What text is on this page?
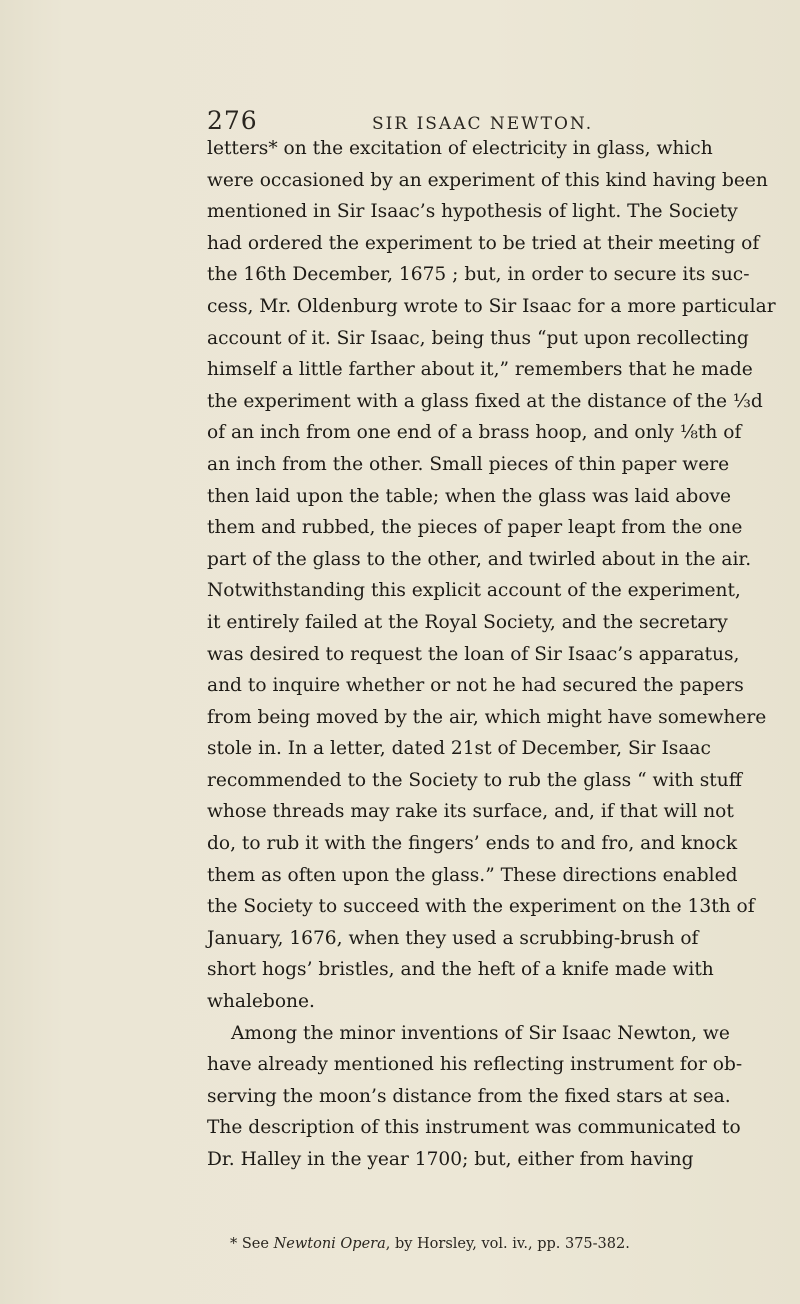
276	SIR ISAAC NEWTON.
letters* on the excitation of electricity in glass, which
were occasioned by an experiment of this kind having been
mentioned in Sir Isaac’s hypothesis of light. The Society
had ordered the experiment to be tried at their meeting of
the 16th December, 1675 ; but, in order to secure its suc-
cess, Mr. Oldenburg wrote to Sir Isaac for a more particular
account of it. Sir Isaac, being thus “put upon recollecting
himself a little farther about it,” remembers that he made
the experiment with a glass fixed at the distance of the ⅓d
of an inch from one end of a brass hoop, and only ⅛th of
an inch from the other. Small pieces of thin paper were
then laid upon the table; when the glass was laid above
them and rubbed, the pieces of paper leapt from the one
part of the glass to the other, and twirled about in the air.
Notwithstanding this explicit account of the experiment,
it entirely failed at the Royal Society, and the secretary
was desired to request the loan of Sir Isaac’s apparatus,
and to inquire whether or not he had secured the papers
from being moved by the air, which might have somewhere
stole in. In a letter, dated 21st of December, Sir Isaac
recommended to the Society to rub the glass “ with stuff
whose threads may rake its surface, and, if that will not
do, to rub it with the fingers’ ends to and fro, and knock
them as often upon the glass.” These directions enabled
the Society to succeed with the experiment on the 13th of
January, 1676, when they used a scrubbing-brush of
short hogs’ bristles, and the heft of a knife made with
whalebone.
Among the minor inventions of Sir Isaac Newton, we
have already mentioned his reflecting instrument for ob-
serving the moon’s distance from the fixed stars at sea.
The description of this instrument was communicated to
Dr. Halley in the year 1700; but, either from having
* See Newtoni Opera, by Horsley, vol. iv., pp. 375-382.
